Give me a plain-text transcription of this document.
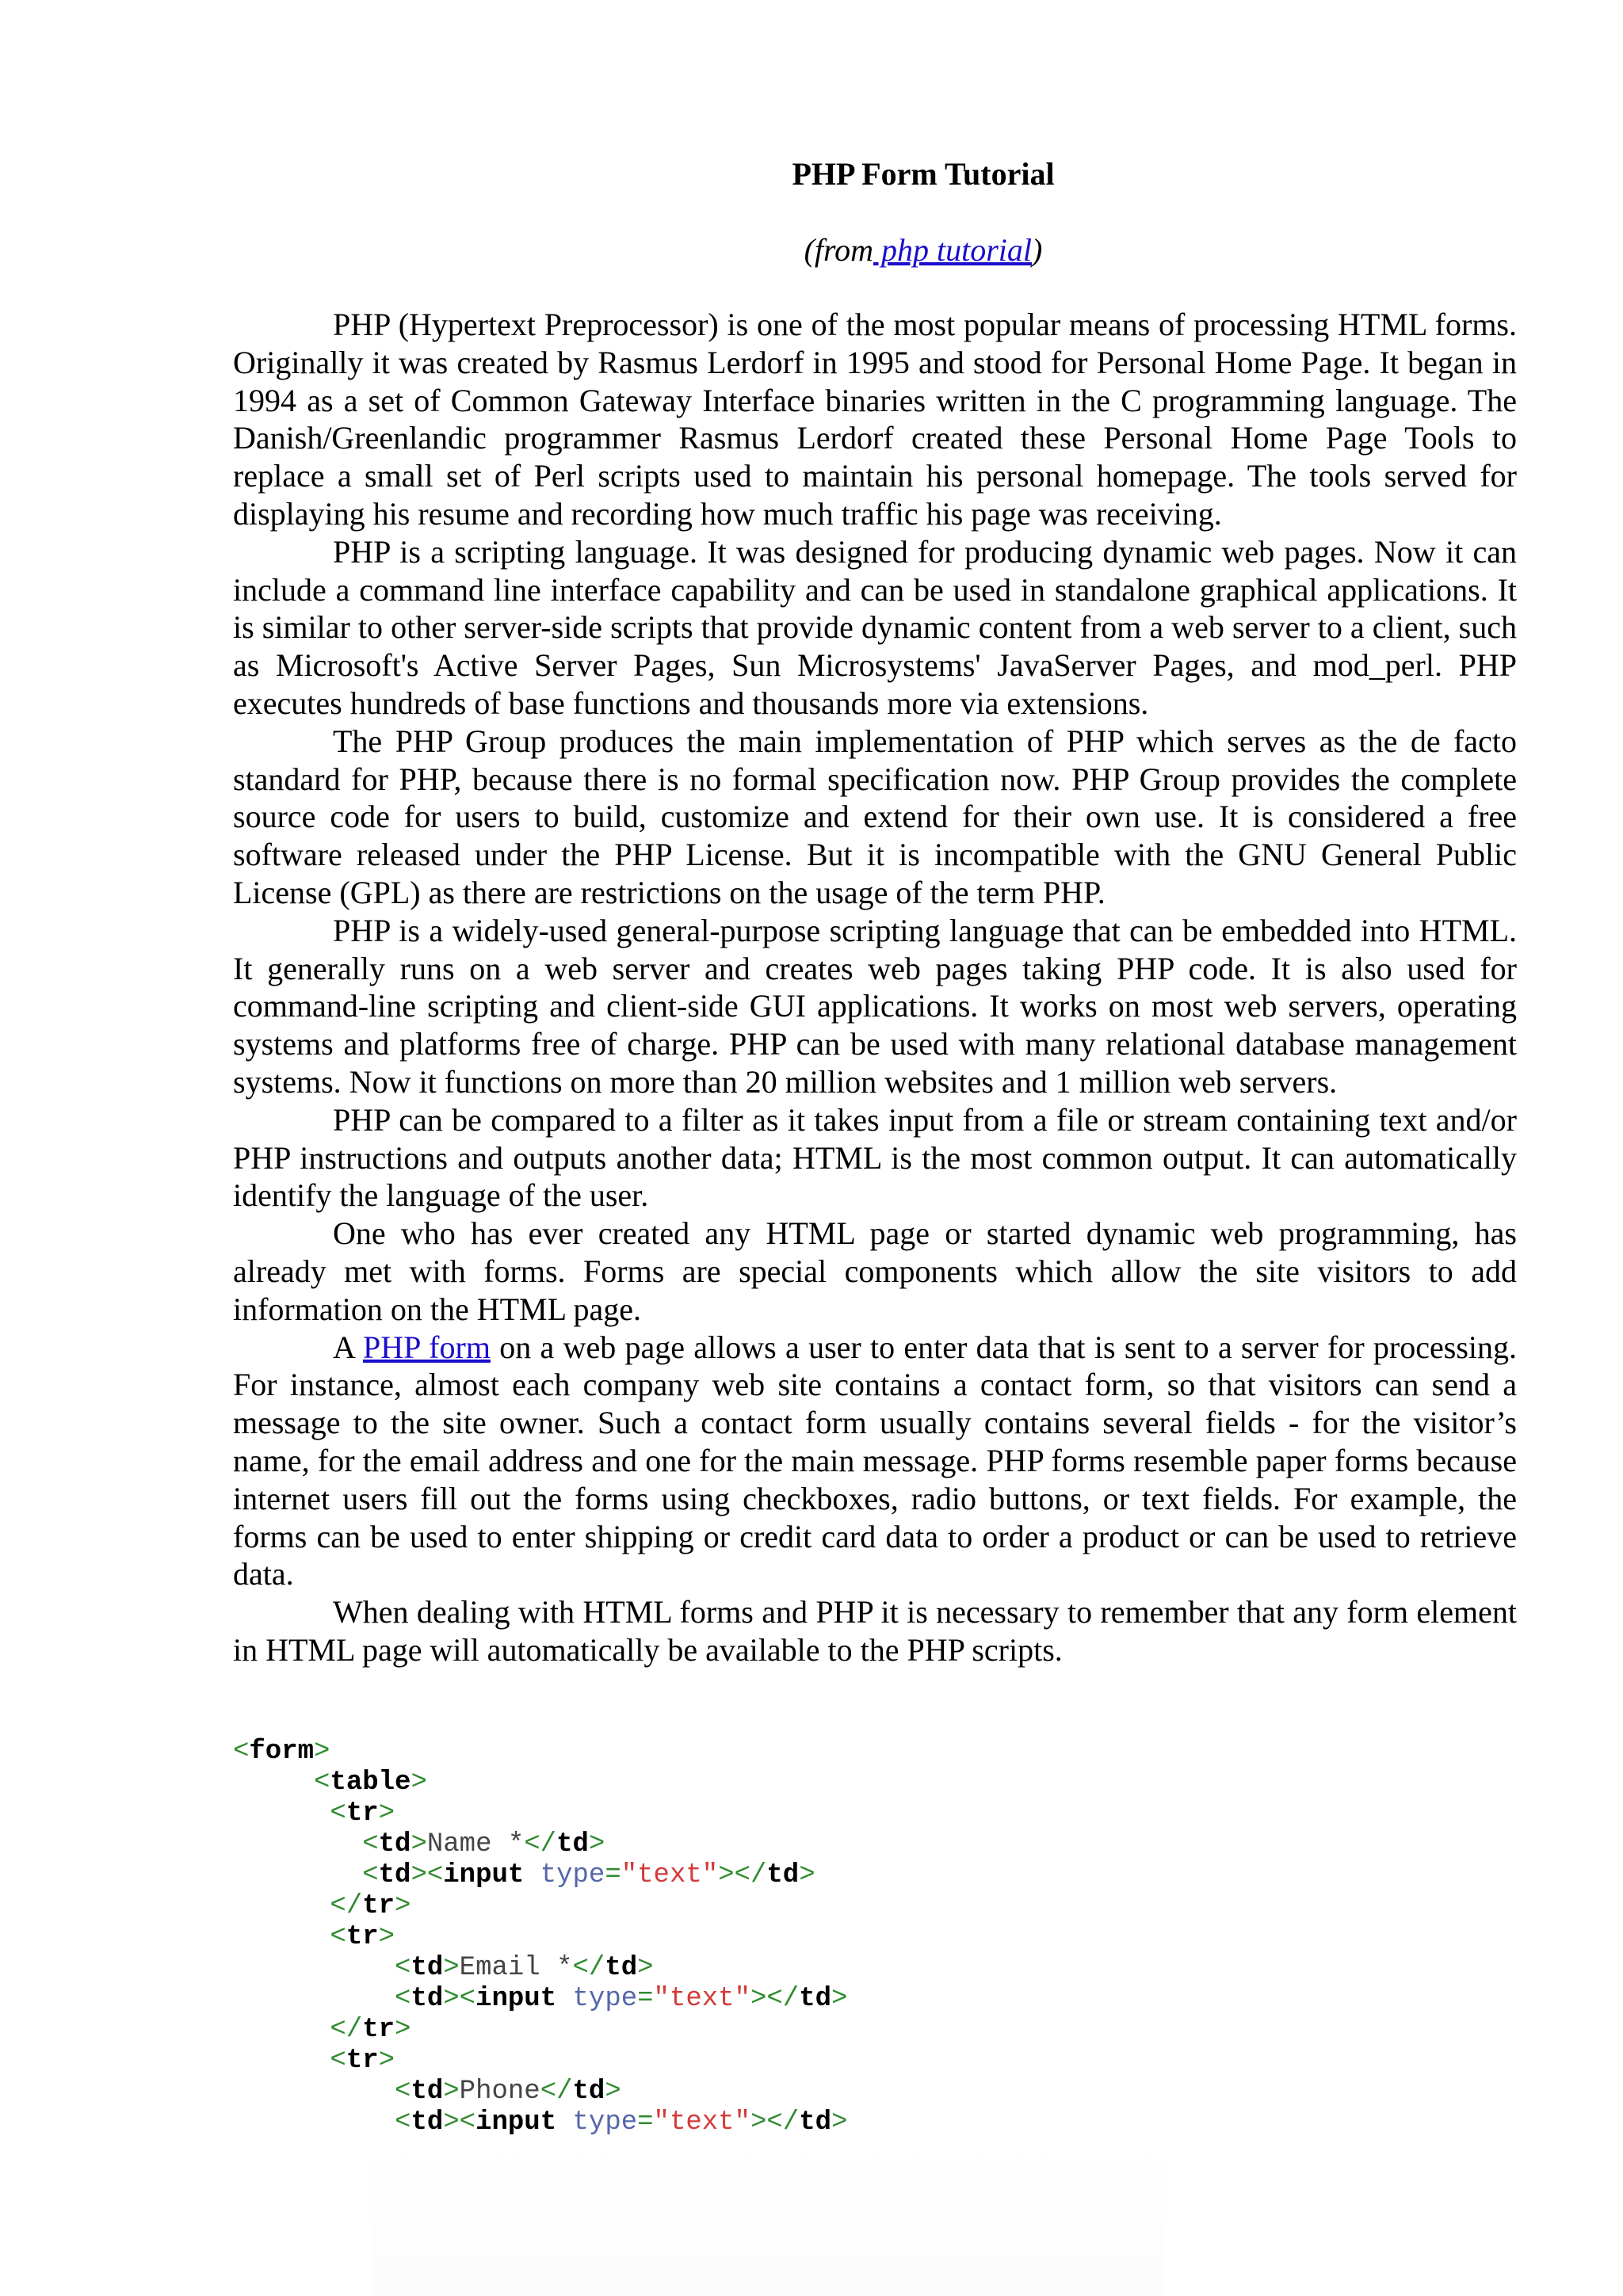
PHP Form Tutorial
(from php tutorial)

PHP (Hypertext Preprocessor) is one of the most popular means of processing HTML forms. Originally it was created by Rasmus Lerdorf in 1995 and stood for Personal Home Page. It began in 1994 as a set of Common Gateway Interface binaries written in the C programming language. The Danish/Greenlandic programmer Rasmus Lerdorf created these Personal Home Page Tools to replace a small set of Perl scripts used to maintain his personal homepage. The tools served for displaying his resume and recording how much traffic his page was receiving.

PHP is a scripting language. It was designed for producing dynamic web pages. Now it can include a command line interface capability and can be used in standalone graphical applications. It is similar to other server-side scripts that provide dynamic content from a web server to a client, such as Microsoft's Active Server Pages, Sun Microsystems' JavaServer Pages, and mod_perl. PHP executes hundreds of base functions and thousands more via extensions.

The PHP Group produces the main implementation of PHP which serves as the de facto standard for PHP, because there is no formal specification now. PHP Group provides the complete source code for users to build, customize and extend for their own use. It is considered a free software released under the PHP License. But it is incompatible with the GNU General Public License (GPL) as there are restrictions on the usage of the term PHP.

PHP is a widely-used general-purpose scripting language that can be embedded into HTML. It generally runs on a web server and creates web pages taking PHP code. It is also used for command-line scripting and client-side GUI applications. It works on most web servers, operating systems and platforms free of charge. PHP can be used with many relational database management systems. Now it functions on more than 20 million websites and 1 million web servers.

PHP can be compared to a filter as it takes input from a file or stream containing text and/or PHP instructions and outputs another data; HTML is the most common output. It can automatically identify the language of the user.

One who has ever created any HTML page or started dynamic web programming, has already met with forms. Forms are special components which allow the site visitors to add information on the HTML page.

A PHP form on a web page allows a user to enter data that is sent to a server for processing. For instance, almost each company web site contains a contact form, so that visitors can send a message to the site owner. Such a contact form usually contains several fields - for the visitor’s name, for the email address and one for the main message. PHP forms resemble paper forms because internet users fill out the forms using checkboxes, radio buttons, or text fields. For example, the forms can be used to enter shipping or credit card data to order a product or can be used to retrieve data.

When dealing with HTML forms and PHP it is necessary to remember that any form element in HTML page will automatically be available to the PHP scripts.

<form>
<table>
<tr>
<td>Name *</td>
<td><input type="text"></td>
</tr>
<tr>
<td>Email *</td>
<td><input type="text"></td>
</tr>
<tr>
<td>Phone</td>
<td><input type="text"></td>
